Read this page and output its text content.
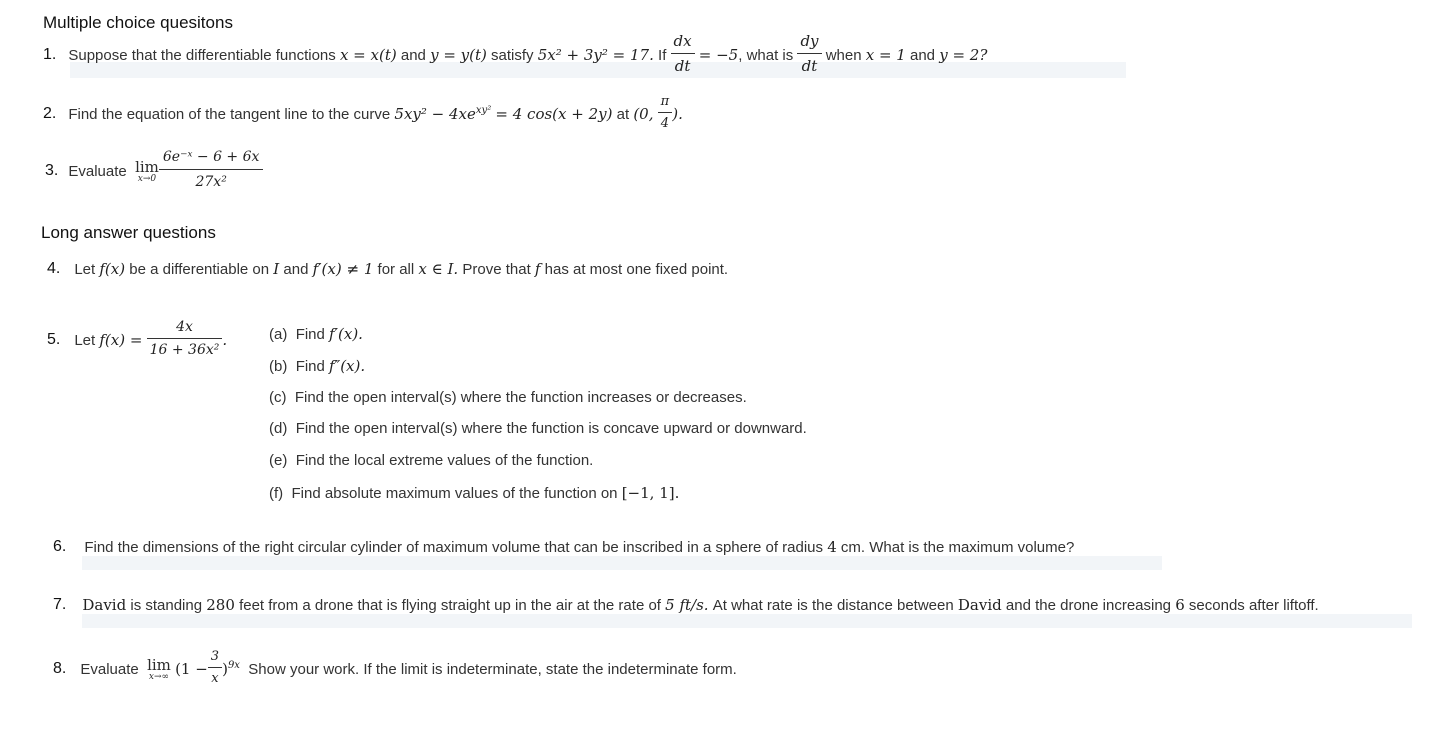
Multiple choice quesitons
1. Suppose that the differentiable functions
x = x(t)
and
y = y(t)
satisfy
5x² + 3y² = 17.
If
$\frac{dx}{dt}$
= −5 , what is

dy
dt

when
x = 1
and
y = 2?
2. Find the equation of the tangent line to the curve
$5xy^2 - 4xe^{xy^2}$
= 4 cos(x + 2y)
at
(0,

π
4 ).
3. Evaluate
lim
x→0
6e⁻ˣ − 6 + 6x
27x²
Long answer questions
4. Let
f(x)
be a differentiable on
I
and
f′(x) ≠ 1
for all
x ∈ I.
Prove that
f
has at most one fixed point.
5. Let
f(x) =
$\frac{4x}{\text{16 + 36x²}}$ .	(a) Find f′(x).
(b) Find f″(x).
(c) Find the open interval(s) where the function increases or decreases.
(d) Find the open interval(s) where the function is concave upward or downward.
(e) Find the local extreme values of the function.
(f) Find absolute maximum values of the function on [−1, 1].
6. Find the dimensions of the right circular cylinder of maximum volume that can be inscribed in a sphere of radius
4
cm. What is the maximum volume?
7. David
is standing
280
feet from a drone that is flying straight up in the air at the rate of
5 ft/s.
At what rate is the distance between
David
and the drone increasing
6
seconds after liftoff.
8. Evaluate
lim
x→∞
$(1 - \frac{3}{x} )^{9x}$
Show your work. If the limit is indeterminate, state the indeterminate form.
